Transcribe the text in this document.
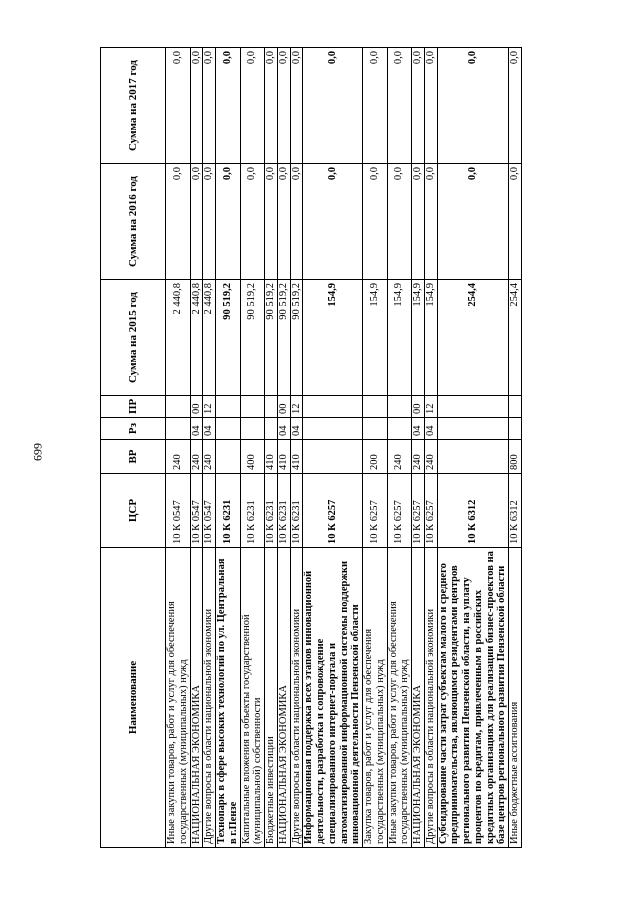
699
Наименование	ЦСР	ВР	Рз	ПР	Сумма на 2015 год	Сумма на 2016 год	Сумма на 2017 год
Иные закупки товаров, работ и услуг для обеспечения государственных (муниципальных) нужд	10 К 0547	240			2 440,8	0,0	0,0
НАЦИОНАЛЬНАЯ ЭКОНОМИКА	10 К 0547	240	04	00	2 440,8	0,0	0,0
Другие вопросы в области национальной экономики	10 К 0547	240	04	12	2 440,8	0,0	0,0
Технопарк в сфере высоких технологий по ул. Центральная в г.Пензе	10 К 6231				90 519,2	0,0	0,0
Капитальные вложения в объекты государственной (муниципальной) собственности	10 К 6231	400			90 519,2	0,0	0,0
Бюджетные инвестиции	10 К 6231	410			90 519,2	0,0	0,0
НАЦИОНАЛЬНАЯ ЭКОНОМИКА	10 К 6231	410	04	00	90 519,2	0,0	0,0
Другие вопросы в области национальной экономики	10 К 6231	410	04	12	90 519,2	0,0	0,0
Информационная поддержка всех этапов инновационной деятельности, разработка и сопровождение специализированного интернет-портала и автоматизированной информационной системы поддержки инновационной деятельности Пензенской области	10 К 6257				154,9	0,0	0,0
Закупка товаров, работ и услуг для обеспечения государственных (муниципальных) нужд	10 К 6257	200			154,9	0,0	0,0
Иные закупки товаров, работ и услуг для обеспечения государственных (муниципальных) нужд	10 К 6257	240			154,9	0,0	0,0
НАЦИОНАЛЬНАЯ ЭКОНОМИКА	10 К 6257	240	04	00	154,9	0,0	0,0
Другие вопросы в области национальной экономики	10 К 6257	240	04	12	154,9	0,0	0,0
Субсидирование части затрат субъектам малого и среднего предпринимательства, являющимся резидентами центров регионального развития Пензенской области, на уплату процентов по кредитам, привлеченным в российских кредитных организациях для реализации бизнес-проектов на базе центров регионального развития Пензенской области	10 К 6312				254,4	0,0	0,0
Иные бюджетные ассигнования	10 К 6312	800			254,4	0,0	0,0
